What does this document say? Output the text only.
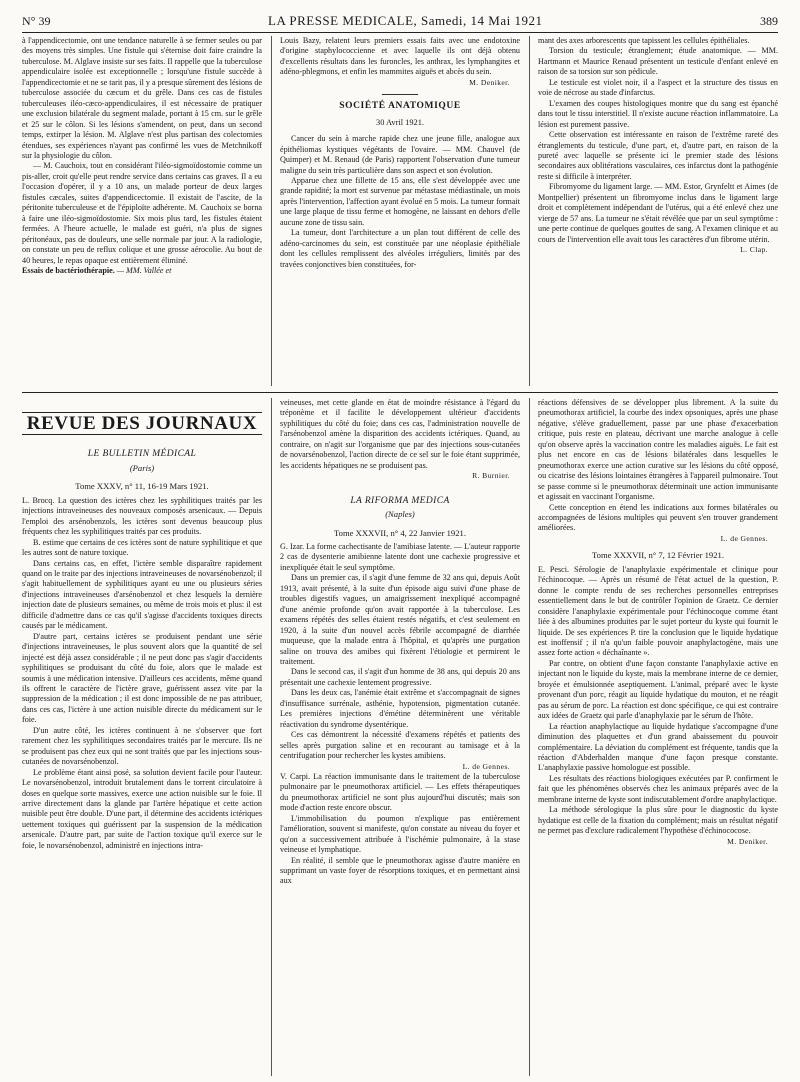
N° 39	LA PRESSE MEDICALE, Samedi, 14 Mai 1921	389

à l'appendicectomie, ont une tendance naturelle à se fermer seules ou par des moyens très simples. Une fistule qui s'éternise doit faire craindre la tuberculose. M. Alglave insiste sur ses faits. Il rappelle que la tuberculose appendiculaire isolée est exceptionnelle ; lorsqu'une fistule succède à l'appendicectomie et ne se tarit pas, il y a presque sûrement des lésions de tuberculose associée du cæcum et du grêle. Dans ces cas de fistules tuberculeuses iléo-cæco-appendiculaires, il est nécessaire de pratiquer une exclusion bilatérale du segment malade, portant à 15 cm. sur le grêle et 25 sur le côlon. Si les lésions s'amendent, on peut, dans un second temps, extirper la lésion. M. Alglave n'est plus partisan des colectomies étendues, ses expériences n'ayant pas confirmé les vues de Metchnikoff sur la physiologie du côlon.

— M. Cauchoix, tout en considérant l'iléo-sigmoïdostomie comme un pis-aller, croit qu'elle peut rendre service dans certains cas graves. Il a eu l'occasion d'opérer, il y a 10 ans, un malade porteur de deux larges fistules cæcales, suites d'appendicectomie. Il existait de l'ascite, de la péritonite tuberculeuse et de l'épiploïte adhérente. M. Cauchoix se borna à faire une iléo-sigmoïdostomie. Six mois plus tard, les fistules étaient fermées. A l'heure actuelle, le malade est guéri, n'a plus de signes péritonéaux, pas de douleurs, une selle normale par jour. A la radiologie, on constate un peu de reflux colique et une grosse aérocolie. Au bout de 40 heures, le repas opaque est entièrement éliminé.

Essais de bactériothérapie. — MM. Vallée et

Louis Bazy, relatent leurs premiers essais faits avec une endotoxine d'origine staphylococcienne et avec laquelle ils ont déjà obtenu d'excellents résultats dans les furoncles, les anthrax, les lymphangites et adéno-phlegmons, et enfin les mammites aiguës et abcès du sein.

M. Deniker.
SOCIÉTÉ ANATOMIQUE
30 Avril 1921.

Cancer du sein à marche rapide chez une jeune fille, analogue aux épithéliomas kystiques végétants de l'ovaire. — MM. Chauvel (de Quimper) et M. Renaud (de Paris) rapportent l'observation d'une tumeur maligne du sein très particulière dans son aspect et son évolution.

Apparue chez une fillette de 15 ans, elle s'est développée avec une grande rapidité; la mort est survenue par métastase médiastinale, un mois après l'intervention, l'affection ayant évolué en 5 mois. La tumeur formait une large plaque de tissu ferme et homogène, ne laissant en dehors d'elle aucune zone de tissu sain.

La tumeur, dont l'architecture a un plan tout différent de celle des adéno-carcinomes du sein, est constituée par une néoplasie épithéliale dont les cellules remplissent des alvéoles irréguliers, limités par des travées conjonctives bien constituées, for-

mant des axes arborescents que tapissent les cellules épithéliales.

Torsion du testicule; étranglement; étude anatomique. — MM. Hartmann et Maurice Renaud présentent un testicule d'enfant enlevé en raison de sa torsion sur son pédicule.

Le testicule est violet noir, il a l'aspect et la structure des tissus en voie de nécrose au stade d'infarctus.

L'examen des coupes histologiques montre que du sang est épanché dans tout le tissu interstitiel. Il n'existe aucune réaction inflammatoire. La lésion est purement passive.

Cette observation est intéressante en raison de l'extrême rareté des étranglements du testicule, d'une part, et, d'autre part, en raison de la pureté avec laquelle se présente ici le premier stade des lésions secondaires aux oblitérations vasculaires, ces infarctus dont la pathogénie reste si difficile à interpréter.

Fibromyome du ligament large. — MM. Estor, Grynfeltt et Aimes (de Montpellier) présentent un fibromyome inclus dans le ligament large droit et complètement indépendant de l'utérus, qui a été enlevé chez une vierge de 57 ans. La tumeur ne s'était révélée que par un seul symptôme : une perte continue de quelques gouttes de sang. A l'examen clinique et au cours de l'intervention elle avait tous les caractères d'un fibrome utérin.

L. Clap.
REVUE DES JOURNAUX
LE BULLETIN MÉDICAL
(Paris)
Tome XXXV, n° 11, 16-19 Mars 1921.

L. Brocq. La question des ictères chez les syphilitiques traités par les injections intraveineuses des nouveaux composés arsenicaux. — Depuis l'emploi des arsénobenzols, les ictères sont devenus beaucoup plus fréquents chez les syphilitiques traités par ces produits.

B. estime que certains de ces ictères sont de nature syphilitique et que les autres sont de nature toxique.

Dans certains cas, en effet, l'ictère semble disparaître rapidement quand on le traite par des injections intraveineuses de novarsénobenzol; il s'agit habituellement de syphilitiques ayant eu une ou plusieurs séries d'injections intraveineuses d'arsénobenzol et chez lesquels la dernière injection date de plusieurs semaines, ou même de trois mois et plus: il est difficile d'admettre dans ce cas qu'il s'agisse d'accidents toxiques directs causés par le médicament.

D'autre part, certains ictères se produisent pendant une série d'injections intraveineuses, le plus souvent alors que la quantité de sel injecté est déjà assez considérable ; il ne peut donc pas s'agir d'accidents syphilitiques se produisant du côté du foie, alors que le malade est soumis à une médication intensive. D'ailleurs ces accidents, même quand ils offrent le caractère de l'ictère grave, guérissent assez vite par la suppression de la médication ; il est donc impossible de ne pas attribuer, dans ces cas, l'ictère à une action nuisible directe du médicament sur le foie.

D'un autre côté, les ictères continuent à ne s'observer que fort rarement chez les syphilitiques secondaires traités par le mercure. Ils ne se produisent pas chez eux qui ne sont traités que par les injections sous-cutanées de novarsénobenzol.

Le problème étant ainsi posé, sa solution devient facile pour l'auteur. Le novarsénobenzol, introduit brutalement dans le torrent circulatoire à doses en quelque sorte massives, exerce une action nuisible sur le foie. Il arrive directement dans la glande par l'artère hépatique et cette action nuisible peut être double. D'une part, il détermine des accidents ictériques uettement toxiques qui guérissent par la suspension de la médication arsenicale. D'autre part, par suite de l'action toxique qu'il exerce sur le foie, le novarsénobenzol, administré en injections intra-

veineuses, met cette glande en état de moindre résistance à l'égard du tréponème et il facilite le développement ultérieur d'accidents syphilitiques du côté du foie; dans ces cas, l'administration nouvelle de l'arsénobenzol amène la disparition des accidents ictériques. Quand, au contraire, on n'agit sur l'organisme que par des injections sous-cutanées de novarsénobenzol, l'action directe de ce sel sur le foie étant supprimée, les accidents hépatiques ne se produisent pas.

R. Burnier.
LA RIFORMA MEDICA
(Naples)
Tome XXXVII, n° 4, 22 Janvier 1921.

G. Izar. La forme cachectisante de l'amibiase latente. — L'auteur rapporte 2 cas de dysenterie amibienne latente dont une cachexie progressive et inexpliquée était le seul symptôme.

Dans un premier cas, il s'agit d'une femme de 32 ans qui, depuis Août 1913, avait présenté, à la suite d'un épisode aigu suivi d'une phase de troubles digestifs vagues, un amaigrissement inexpliqué accompagné d'une anémie profonde qu'on avait rapportée à la tuberculose. Les examens répétés des selles étaient restés négatifs, et c'est seulement en 1920, à la suite d'un nouvel accès fébrile accompagné de diarrhée muqueuse, que la malade entra à l'hôpital, et qu'après une purgation saline on trouva des amibes qui fixèrent l'étiologie et permirent le traitement.

Dans le second cas, il s'agit d'un homme de 38 ans, qui depuis 20 ans présentait une cachexie lentement progressive.

Dans les deux cas, l'anémie était extrême et s'accompagnait de signes d'insuffisance surrénale, asthénie, hypotension, pigmentation cutanée. Les premières injections d'émétine déterminèrent une véritable réactivation du syndrome dysentérique.

Ces cas démontrent la nécessité d'examens répétés et patients des selles après purgation saline et en recourant au tamisage et à la centrifugation pour rechercher les kystes amibiens.

L. de Gennes.

V. Carpi. La réaction immunisante dans le traitement de la tuberculose pulmonaire par le pneumothorax artificiel. — Les effets thérapeutiques du pneumothorax artificiel ne sont plus aujourd'hui discutés; mais son mode d'action reste encore obscur.

L'immobilisation du poumon n'explique pas entièrement l'amélioration, souvent si manifeste, qu'on constate au niveau du foyer et qu'on a successivement attribuée à l'ischémie pulmonaire, à la stase veineuse et lymphatique.

En réalité, il semble que le pneumothorax agisse d'autre manière en supprimant un vaste foyer de résorptions toxiques, et en permettant ainsi aux

réactions défensives de se développer plus librement. A la suite du pneumothorax artificiel, la courbe des index opsoniques, après une phase négative, s'élève graduellement, passe par une phase d'exacerbation critique, puis reste en plateau, décrivant une marche analogue à celle qu'on observe après la vaccination contre les maladies aiguës. Le fait est plus net encore en cas de lésions bilatérales dans lesquelles le pneumothorax exerce une action curative sur les lésions du côté opposé, ou cicatrise des lésions lointaines étrangères à l'appareil pulmonaire. Tout se passe comme si le pneumothorax déterminait une action immunisante et agissait en vaccinant l'organisme.

Cette conception en étend les indications aux formes bilatérales ou accompagnées de lésions multiples qui peuvent s'en trouver grandement améliorées.

L. de Gennes.
Tome XXXVII, n° 7, 12 Février 1921.

E. Pesci. Sérologie de l'anaphylaxie expérimentale et clinique pour l'échinocoque. — Après un résumé de l'état actuel de la question, P. donne le compte rendu de ses recherches personnelles entreprises essentiellement dans le but de contrôler l'opinion de Graetz. Ce dernier considère l'anaphylaxie expérimentale pour l'échinocoque comme étant liée à des albumines produites par le sujet porteur du kyste qui fournit le liquide. De ses expériences P. tire la conclusion que le liquide hydatique est inoffensif ; il n'a qu'un faible pouvoir anaphylactogène, mais une assez forte action « déchaînante ».

Par contre, on obtient d'une façon constante l'anaphylaxie active en injectant non le liquide du kyste, mais la membrane interne de ce dernier, broyée et émulsionnée aseptiquement. L'animal, préparé avec le kyste provenant d'un porc, réagit au liquide hydatique du mouton, et ne réagit pas au sérum de porc. La réaction est donc spécifique, ce qui est contraire aux idées de Graetz qui parle d'anaphylaxie par le sérum de l'hôte.

La réaction anaphylactique au liquide hydatique s'accompagne d'une diminution des plaquettes et d'un grand abaissement du pouvoir complémentaire. La déviation du complément est fréquente, tandis que la réaction d'Abderhalden manque d'une façon presque constante. L'anaphylaxie passive homologue est possible.

Les résultats des réactions biologiques exécutées par P. confirment le fait que les phénomènes observés chez les animaux préparés avec de la membrane interne de kyste sont indiscutablement d'ordre anaphylactique.

La méthode sérologique la plus sûre pour le diagnostic du kyste hydatique est celle de la fixation du complément; mais un résultat négatif ne permet pas d'exclure radicalement l'hypothèse d'échinococose.

M. Deniker.
